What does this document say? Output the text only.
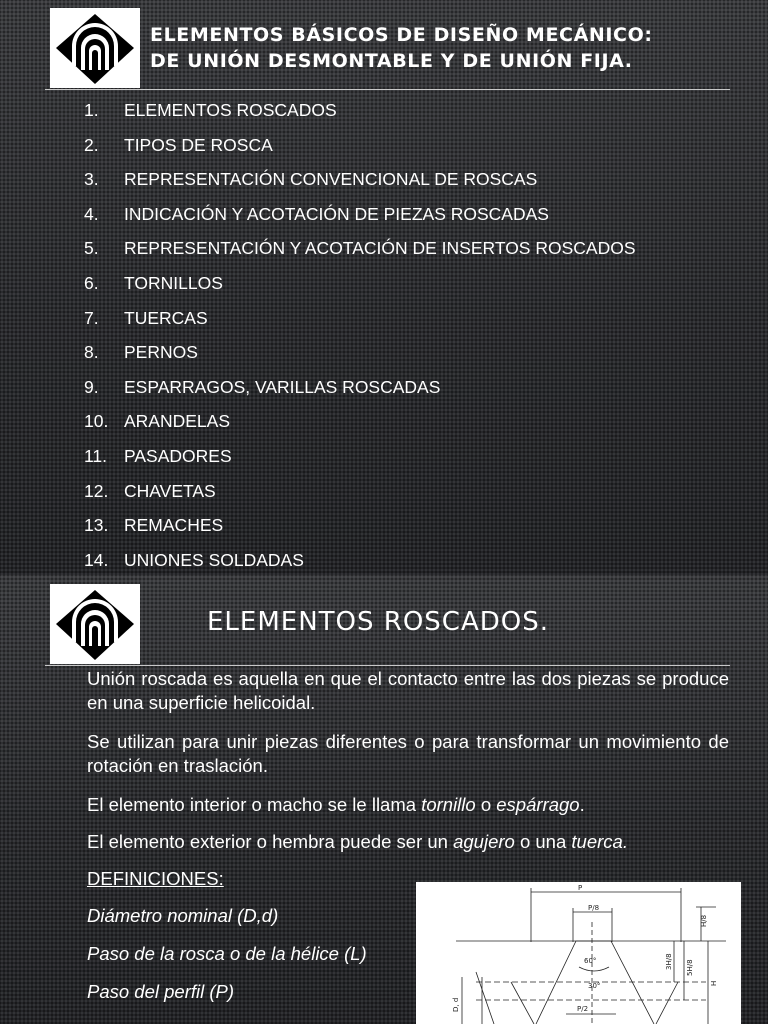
ELEMENTOS BÁSICOS DE DISEÑO MECÁNICO:
DE UNIÓN DESMONTABLE Y DE UNIÓN FIJA.
1. ELEMENTOS ROSCADOS
2. TIPOS DE ROSCA
3. REPRESENTACIÓN CONVENCIONAL DE ROSCAS
4. INDICACIÓN Y ACOTACIÓN DE PIEZAS ROSCADAS
5. REPRESENTACIÓN Y ACOTACIÓN DE INSERTOS ROSCADOS
6. TORNILLOS
7. TUERCAS
8. PERNOS
9. ESPARRAGOS, VARILLAS ROSCADAS
10. ARANDELAS
11. PASADORES
12. CHAVETAS
13. REMACHES
14. UNIONES SOLDADAS
ELEMENTOS ROSCADOS.

Unión roscada es aquella en que el contacto entre las dos piezas se produce en una superficie helicoidal.

Se utilizan para unir piezas diferentes o para transformar un movimiento de rotación en traslación.

El elemento interior o macho se le llama tornillo o espárrago.

El elemento exterior o hembra puede ser un agujero o una tuerca.

DEFINICIONES:
Diámetro nominal (D,d)
Paso de la rosca o de la hélice (L)
Paso del perfil (P)
P
P/8
H/8
60°
30°
3H/8 5H/8
H
P/2
D, d
